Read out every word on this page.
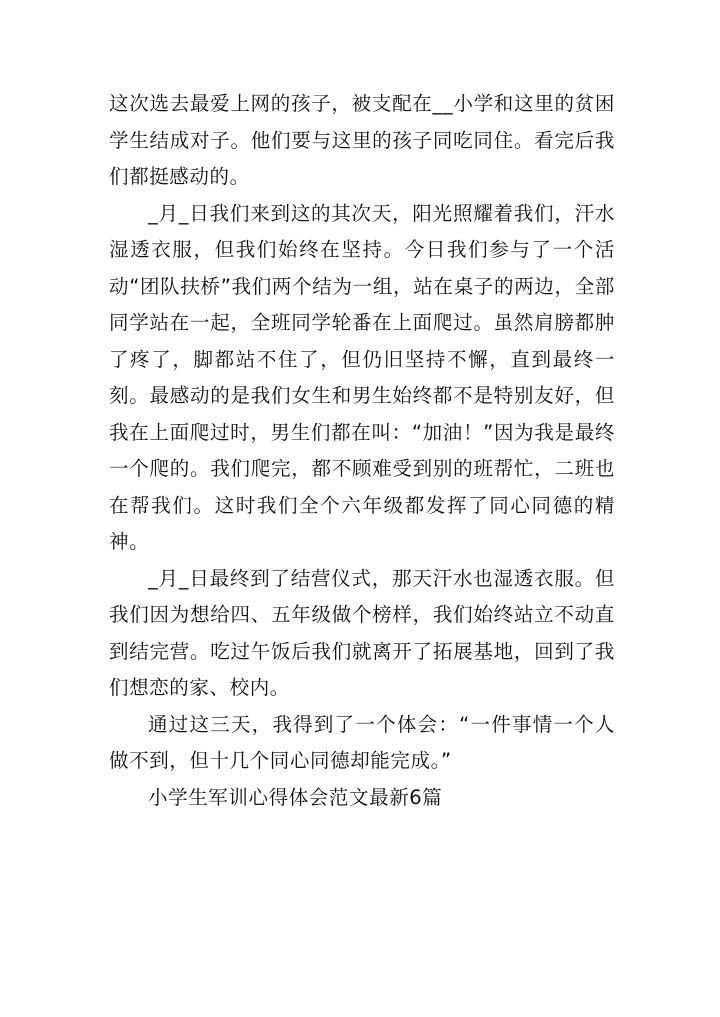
这次选去最爱上网的孩子，被支配在__小学和这里的贫困学生结成对子。他们要与这里的孩子同吃同住。看完后我们都挺感动的。

_月_日我们来到这的其次天，阳光照耀着我们，汗水湿透衣服，但我们始终在坚持。今日我们参与了一个活动“团队扶桥”我们两个结为一组，站在桌子的两边，全部同学站在一起，全班同学轮番在上面爬过。虽然肩膀都肿了疼了，脚都站不住了，但仍旧坚持不懈，直到最终一刻。最感动的是我们女生和男生始终都不是特别友好，但我在上面爬过时，男生们都在叫：“加油！”因为我是最终一个爬的。我们爬完，都不顾难受到别的班帮忙，二班也在帮我们。这时我们全个六年级都发挥了同心同德的精神。

_月_日最终到了结营仪式，那天汗水也湿透衣服。但我们因为想给四、五年级做个榜样，我们始终站立不动直到结完营。吃过午饭后我们就离开了拓展基地，回到了我们想恋的家、校内。

通过这三天，我得到了一个体会：“一件事情一个人做不到，但十几个同心同德却能完成。”

小学生军训心得体会范文最新6篇
